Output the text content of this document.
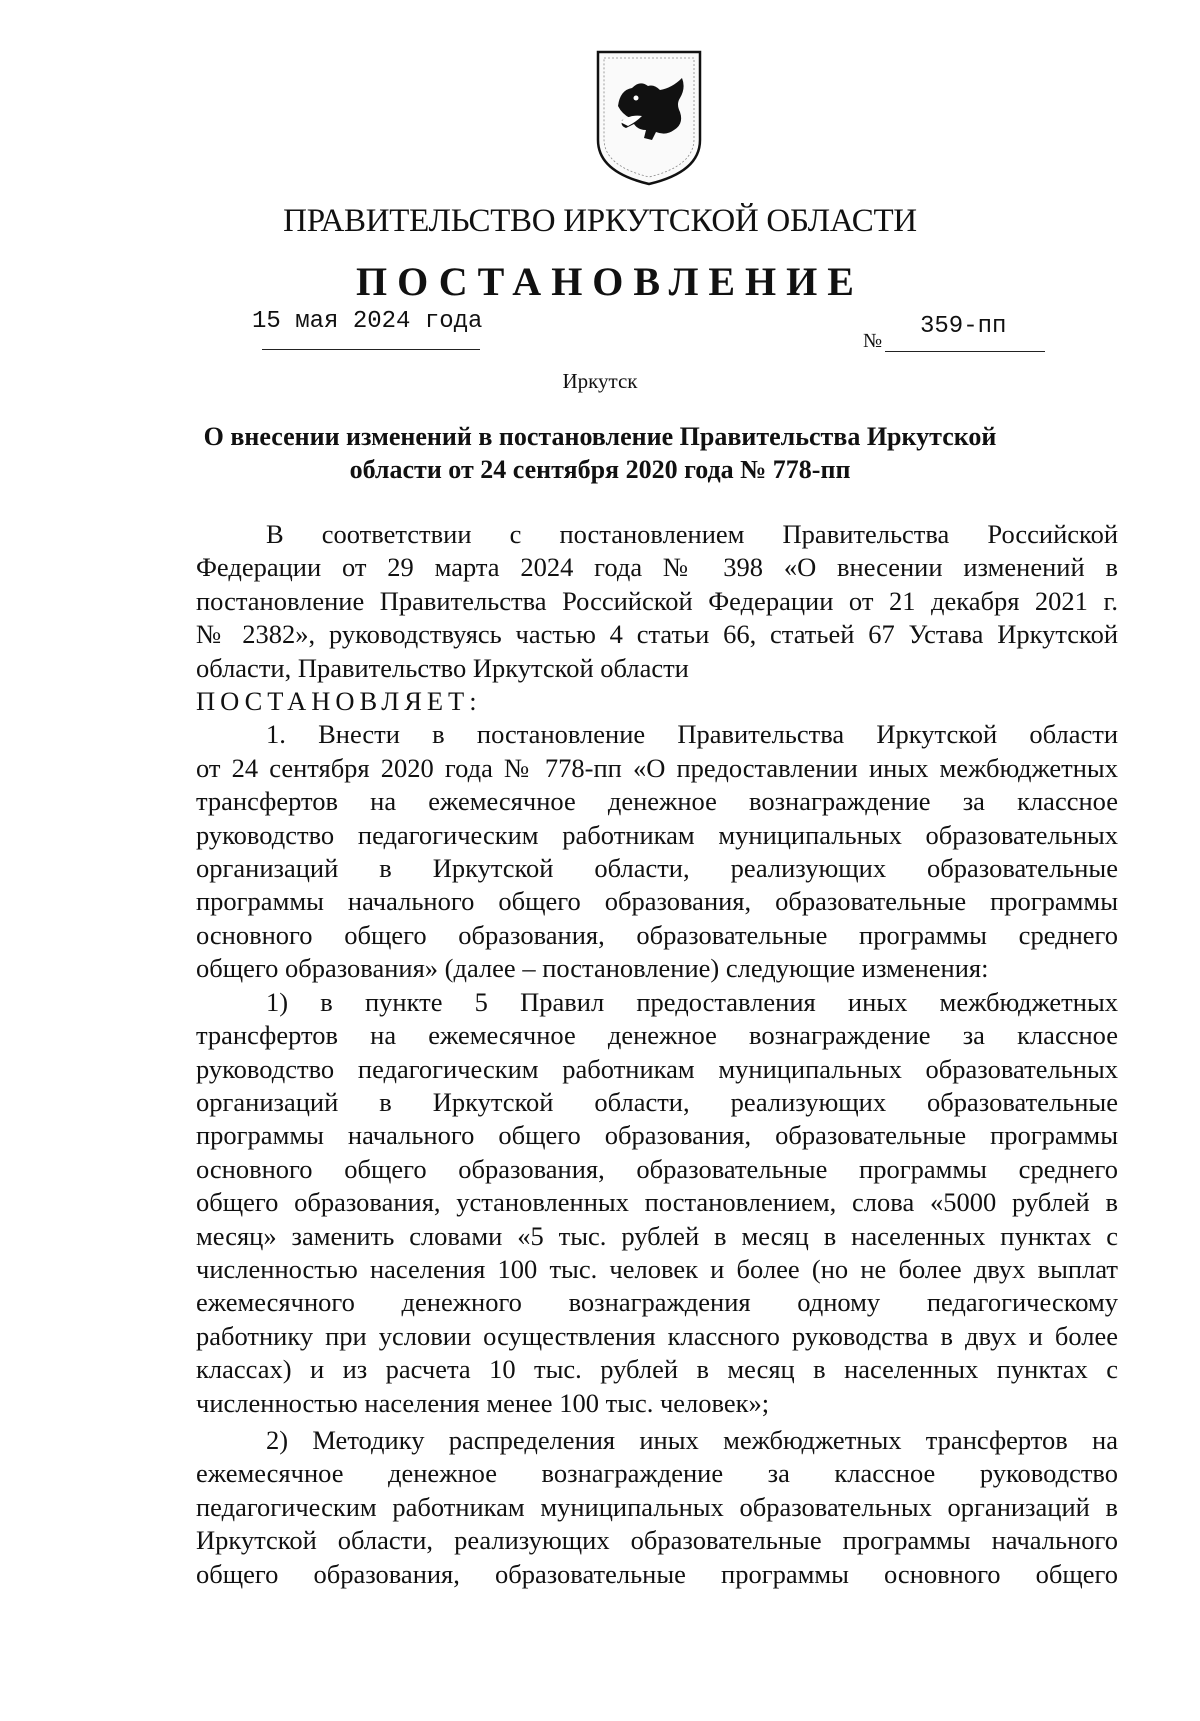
ПРАВИТЕЛЬСТВО ИРКУТСКОЙ ОБЛАСТИ
ПОСТАНОВЛЕНИЕ
15 мая 2024 года
№
359-пп
Иркутск
О внесении изменений в постановление Правительства Иркутской
области от 24 сентября 2020 года № 778-пп

В соответствии с постановлением Правительства Российской

Федерации от 29 марта 2024 года № 398 «О внесении изменений в

постановление Правительства Российской Федерации от 21 декабря 2021 г.

№ 2382», руководствуясь частью 4 статьи 66, статьей 67 Устава Иркутской

области, Правительство Иркутской области

ПОСТАНОВЛЯЕТ:

1. Внести в постановление Правительства Иркутской области

от 24 сентября 2020 года № 778-пп «О предоставлении иных межбюджетных

трансфертов на ежемесячное денежное вознаграждение за классное

руководство педагогическим работникам муниципальных образовательных

организаций в Иркутской области, реализующих образовательные

программы начального общего образования, образовательные программы

основного общего образования, образовательные программы среднего

общего образования» (далее – постановление) следующие изменения:

1) в пункте 5 Правил предоставления иных межбюджетных

трансфертов на ежемесячное денежное вознаграждение за классное

руководство педагогическим работникам муниципальных образовательных

организаций в Иркутской области, реализующих образовательные

программы начального общего образования, образовательные программы

основного общего образования, образовательные программы среднего

общего образования, установленных постановлением, слова «5000 рублей в

месяц» заменить словами «5 тыс. рублей в месяц в населенных пунктах с

численностью населения 100 тыс. человек и более (но не более двух выплат

ежемесячного денежного вознаграждения одному педагогическому

работнику при условии осуществления классного руководства в двух и более

классах) и из расчета 10 тыс. рублей в месяц в населенных пунктах с

численностью населения менее 100 тыс. человек»;

2) Методику распределения иных межбюджетных трансфертов на

ежемесячное денежное вознаграждение за классное руководство

педагогическим работникам муниципальных образовательных организаций в

Иркутской области, реализующих образовательные программы начального

общего образования, образовательные программы основного общего
